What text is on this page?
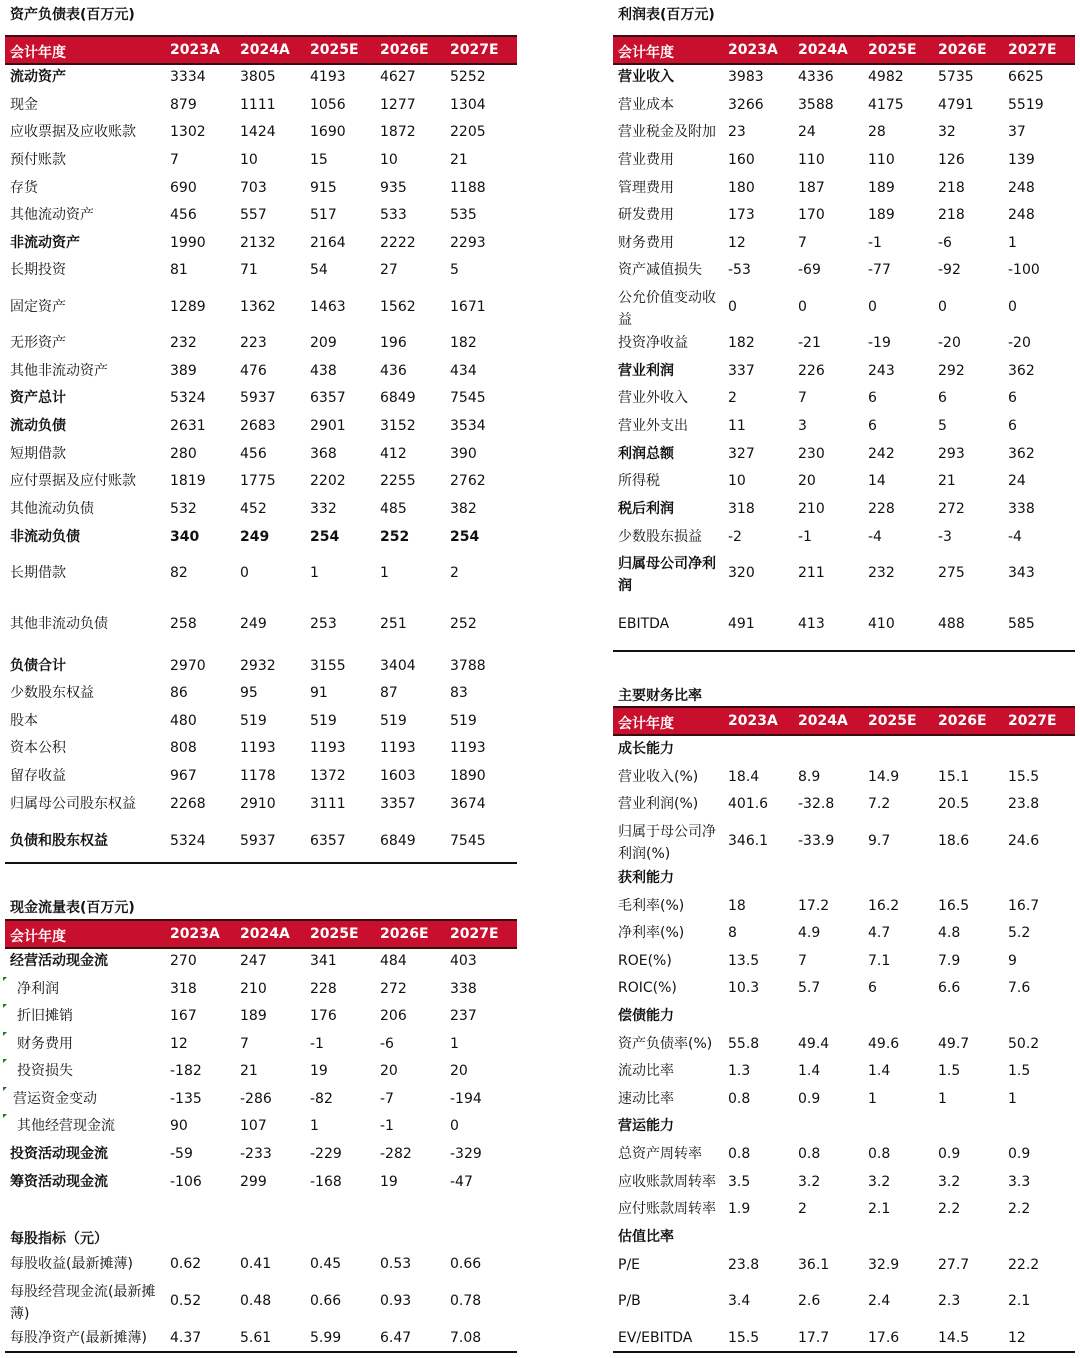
资产负债表(百万元)
会计年度	2023A 2024A 2025E 2026E 2027E
流动资产	3334 3805 4193 4627 5252
现金	879	1111 1056 1277 1304
应收票据及应收账款 1302 1424 1690 1872 2205
预付账款	7	10	15	10	21
存货	690	703	915	935	1188
其他流动资产	456	557	517	533	535
非流动资产	1990 2132 2164 2222 2293
长期投资	81	71	54	27	5
固定资产	1289 1362 1463 1562 1671
无形资产	232	223	209	196	182
其他非流动资产	389	476	438	436	434
资产总计	5324 5937 6357 6849 7545
流动负债	2631 2683 2901 3152 3534
短期借款	280	456	368	412	390
应付票据及应付账款 1819 1775 2202 2255 2762
其他流动负债	532	452	332	485	382
非流动负债	340	249	254	252	254
长期借款	82	0	1	1	2
其他非流动负债	258	249	253	251	252
负债合计	2970 2932 3155 3404 3788
少数股东权益	86	95	91	87	83
股本	480	519	519	519	519
资本公积	808	1193 1193 1193 1193
留存收益	967	1178 1372 1603 1890
归属母公司股东权益 2268 2910 3111 3357 3674
负债和股东权益	5324 5937 6357 6849 7545
现金流量表(百万元)
会计年度	2023A 2024A 2025E 2026E 2027E
经营活动现金流	270	247	341	484	403
净利润	318	210	228	272	338
折旧摊销	167	189	176	206	237
财务费用	12	7	-1	-6	1
投资损失	-182	21	19	20	20
营运资金变动	-135	-286	-82	-7	-194
其他经营现金流	90	107	1	-1	0
投资活动现金流	-59	-233	-229	-282	-329
筹资活动现金流	-106	299	-168	19	-47
每股指标（元）
每股收益(最新摊薄)	0.62	0.41	0.45	0.53	0.66
每股经营现金流(最新摊薄)
0.52	0.48	0.66	0.93	0.78
每股净资产(最新摊薄) 4.37	5.61	5.99	6.47	7.08
利润表(百万元)
会计年度	2023A 2024A 2025E 2026E 2027E
营业收入	3983 4336 4982 5735 6625
营业成本	3266 3588 4175 4791 5519
营业税金及附加 23	24	28	32	37
营业费用	160	110	110	126	139
管理费用	180	187	189	218	248
研发费用	173	170	189	218	248
财务费用	12	7	-1	-6	1
资产减值损失 -53	-69	-77	-92	-100
公允价值变动收益
0	0	0	0	0
投资净收益	182	-21	-19	-20	-20
营业利润	337	226	243	292	362
营业外收入	2	7	6	6	6
营业外支出	11	3	6	5	6
利润总额	327	230	242	293	362
所得税	10	20	14	21	24
税后利润	318	210	228	272	338
少数股东损益 -2	-1	-4	-3	-4
归属母公司净利润
320	211	232	275	343
EBITDA	491	413	410	488	585
主要财务比率
会计年度	2023A 2024A 2025E 2026E 2027E
成长能力
营业收入(%) 18.4	8.9	14.9	15.1	15.5
营业利润(%) 401.6 -32.8 7.2	20.5	23.8
归属于母公司净利润(%)
346.1 -33.9 9.7	18.6	24.6
获利能力
毛利率(%)	18	17.2	16.2	16.5	16.7
净利率(%)	8	4.9	4.7	4.8	5.2
ROE(%)	13.5	7	7.1	7.9	9
ROIC(%)	10.3	5.7	6	6.6	7.6
偿债能力
资产负债率(%) 55.8	49.4	49.6	49.7	50.2
流动比率	1.3	1.4	1.4	1.5	1.5
速动比率	0.8	0.9	1	1	1
营运能力
总资产周转率 0.8	0.8	0.8	0.9	0.9
应收账款周转率 3.5	3.2	3.2	3.2	3.3
应付账款周转率 1.9	2	2.1	2.2	2.2
估值比率
P/E	23.8	36.1	32.9	27.7	22.2
P/B	3.4	2.6	2.4	2.3	2.1
EV/EBITDA	15.5	17.7	17.6	14.5	12
